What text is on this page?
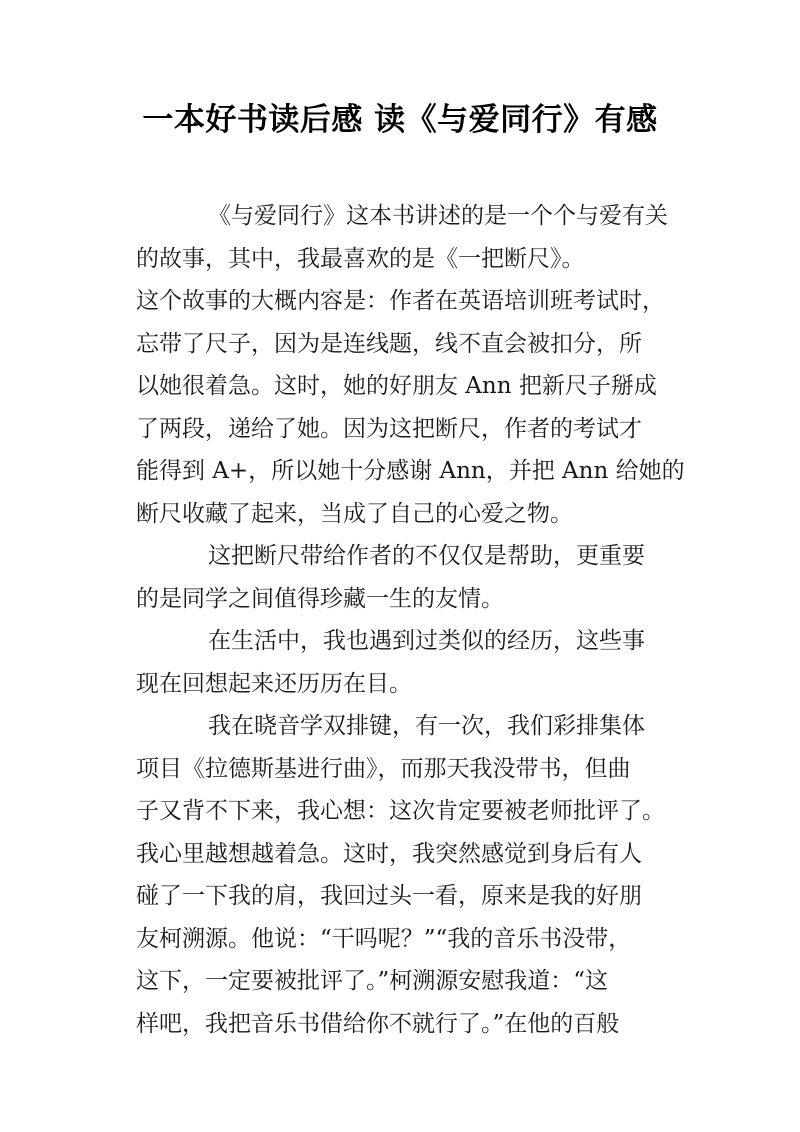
一本好书读后感 读《与爱同行》有感
《与爱同行》这本书讲述的是一个个与爱有关
的故事，其中，我最喜欢的是《一把断尺》。
这个故事的大概内容是：作者在英语培训班考试时，
忘带了尺子，因为是连线题，线不直会被扣分，所
以她很着急。这时，她的好朋友 Ann 把新尺子掰成
了两段，递给了她。因为这把断尺，作者的考试才
能得到 A+，所以她十分感谢 Ann，并把 Ann 给她的
断尺收藏了起来，当成了自己的心爱之物。
这把断尺带给作者的不仅仅是帮助，更重要
的是同学之间值得珍藏一生的友情。
在生活中，我也遇到过类似的经历，这些事
现在回想起来还历历在目。
我在晓音学双排键，有一次，我们彩排集体
项目《拉德斯基进行曲》，而那天我没带书，但曲
子又背不下来，我心想：这次肯定要被老师批评了。
我心里越想越着急。这时，我突然感觉到身后有人
碰了一下我的肩，我回过头一看，原来是我的好朋
友柯溯源。他说：“干吗呢？”“我的音乐书没带，
这下，一定要被批评了。”柯溯源安慰我道：“这
样吧，我把音乐书借给你不就行了。”在他的百般
